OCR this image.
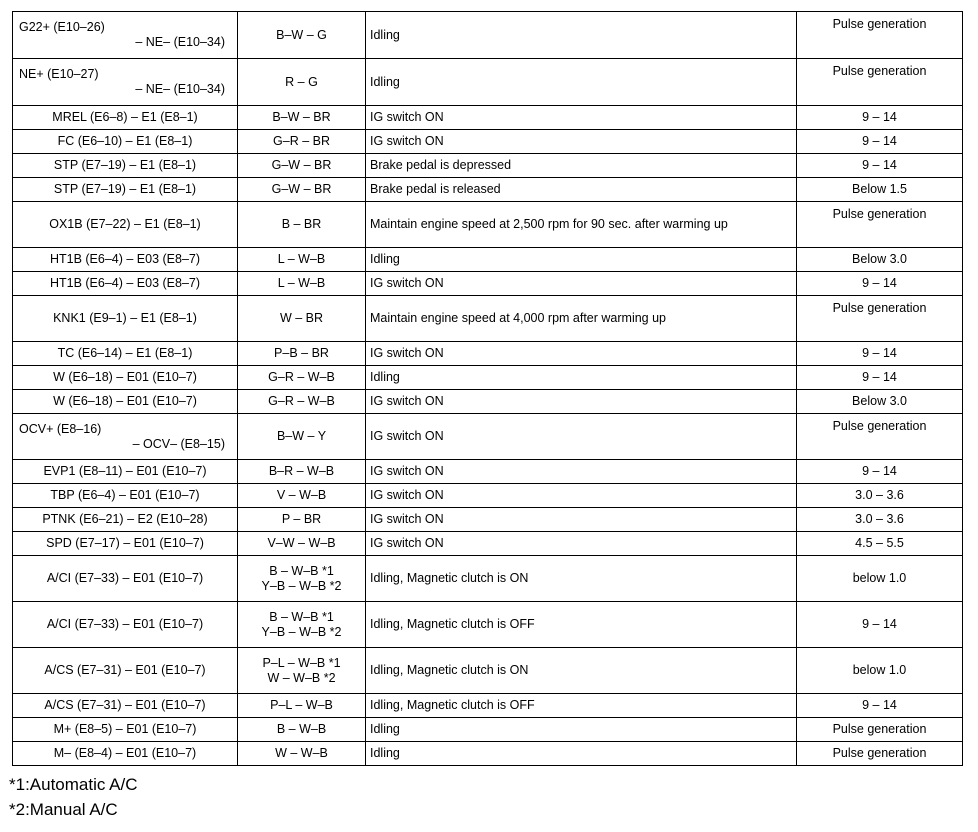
G22+ (E10–26)
– NE– (E10–34)	B–W – G	Idling	Pulse generation
NE+ (E10–27)
– NE– (E10–34)	R – G	Idling	Pulse generation
MREL (E6–8) – E1 (E8–1)	B–W – BR	IG switch ON	9 – 14
FC (E6–10) – E1 (E8–1)	G–R – BR	IG switch ON	9 – 14
STP (E7–19) – E1 (E8–1)	G–W – BR	Brake pedal is depressed	9 – 14
STP (E7–19) – E1 (E8–1)	G–W – BR	Brake pedal is released	Below 1.5
OX1B (E7–22) – E1 (E8–1)	B – BR	Maintain engine speed at 2,500 rpm for 90 sec. after warming up	Pulse generation
HT1B (E6–4) – E03 (E8–7)	L – W–B	Idling	Below 3.0
HT1B (E6–4) – E03 (E8–7)	L – W–B	IG switch ON	9 – 14
KNK1 (E9–1) – E1 (E8–1)	W – BR	Maintain engine speed at 4,000 rpm after warming up	Pulse generation
TC (E6–14) – E1 (E8–1)	P–B – BR	IG switch ON	9 – 14
W (E6–18) – E01 (E10–7)	G–R – W–B	Idling	9 – 14
W (E6–18) – E01 (E10–7)	G–R – W–B	IG switch ON	Below 3.0
OCV+ (E8–16)
– OCV– (E8–15)	B–W – Y	IG switch ON	Pulse generation
EVP1 (E8–11) – E01 (E10–7)	B–R – W–B	IG switch ON	9 – 14
TBP (E6–4) – E01 (E10–7)	V – W–B	IG switch ON	3.0 – 3.6
PTNK (E6–21) – E2 (E10–28)	P – BR	IG switch ON	3.0 – 3.6
SPD (E7–17) – E01 (E10–7)	V–W – W–B	IG switch ON	4.5 – 5.5
A/CI (E7–33) – E01 (E10–7)	B – W–B *1
Y–B – W–B *2	Idling, Magnetic clutch is ON	below 1.0
A/CI (E7–33) – E01 (E10–7)	B – W–B *1
Y–B – W–B *2	Idling, Magnetic clutch is OFF	9 – 14
A/CS (E7–31) – E01 (E10–7)	P–L – W–B *1
W – W–B *2	Idling, Magnetic clutch is ON	below 1.0
A/CS (E7–31) – E01 (E10–7)	P–L – W–B	Idling, Magnetic clutch is OFF	9 – 14
M+ (E8–5) – E01 (E10–7)	B – W–B	Idling	Pulse generation
M– (E8–4) – E01 (E10–7)	W – W–B	Idling	Pulse generation
*1:Automatic A/C
*2:Manual A/C
